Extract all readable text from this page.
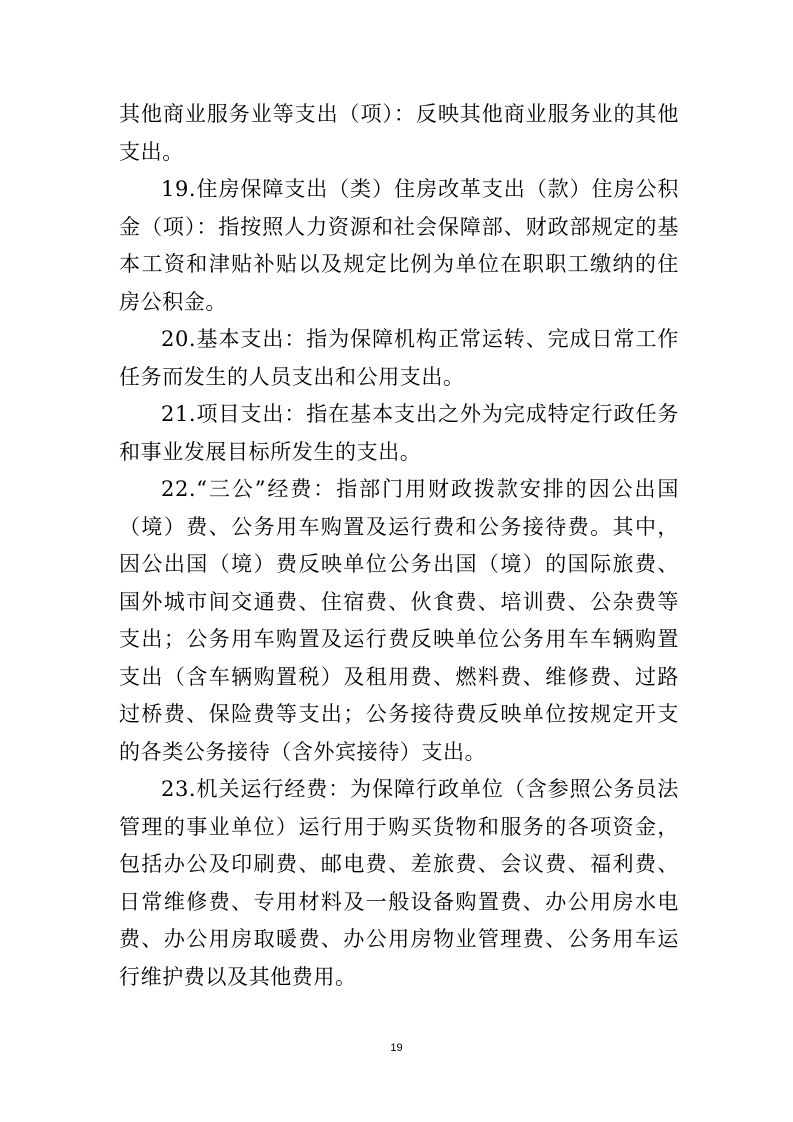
其他商业服务业等支出（项）：反映其他商业服务业的其他支出。

19.住房保障支出（类）住房改革支出（款）住房公积金（项）：指按照人力资源和社会保障部、财政部规定的基本工资和津贴补贴以及规定比例为单位在职职工缴纳的住房公积金。

20.基本支出：指为保障机构正常运转、完成日常工作任务而发生的人员支出和公用支出。

21.项目支出：指在基本支出之外为完成特定行政任务和事业发展目标所发生的支出。

22.“三公”经费：指部门用财政拨款安排的因公出国（境）费、公务用车购置及运行费和公务接待费。其中，因公出国（境）费反映单位公务出国（境）的国际旅费、国外城市间交通费、住宿费、伙食费、培训费、公杂费等支出；公务用车购置及运行费反映单位公务用车车辆购置支出（含车辆购置税）及租用费、燃料费、维修费、过路过桥费、保险费等支出；公务接待费反映单位按规定开支的各类公务接待（含外宾接待）支出。

23.机关运行经费：为保障行政单位（含参照公务员法管理的事业单位）运行用于购买货物和服务的各项资金，包括办公及印刷费、邮电费、差旅费、会议费、福利费、日常维修费、专用材料及一般设备购置费、办公用房水电费、办公用房取暖费、办公用房物业管理费、公务用车运行维护费以及其他费用。

19
